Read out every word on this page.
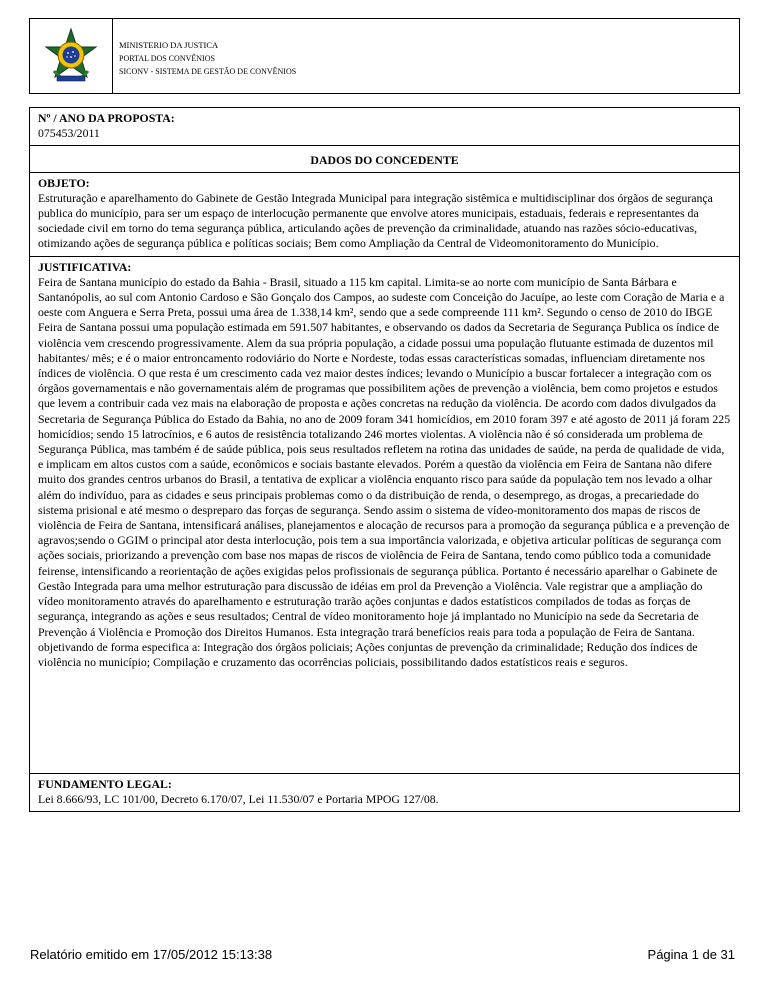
MINISTERIO DA JUSTICA
PORTAL DOS CONVÊNIOS
SICONV - SISTEMA DE GESTÃO DE CONVÊNIOS
Nº / ANO DA PROPOSTA:
075453/2011
DADOS DO CONCEDENTE
OBJETO:
Estruturação e aparelhamento do Gabinete de Gestão Integrada Municipal para integração sistêmica e multidisciplinar dos órgãos de segurança publica do município, para ser um espaço de interlocução permanente que envolve atores municipais, estaduais, federais e representantes da sociedade civil em torno do tema segurança pública, articulando ações de prevenção da criminalidade, atuando nas razões sócio-educativas, otimizando ações de segurança pública e políticas sociais; Bem como Ampliação da Central de Videomonitoramento do Município.
JUSTIFICATIVA:
Feira de Santana município do estado da Bahia - Brasil, situado a 115 km capital. Limita-se ao norte com município de Santa Bárbara e Santanópolis, ao sul com Antonio Cardoso e São Gonçalo dos Campos, ao sudeste com Conceição do Jacuípe, ao leste com Coração de Maria e a oeste com Anguera e Serra Preta, possui uma área de 1.338,14 km², sendo que a sede compreende 111 km². Segundo o censo de 2010 do IBGE Feira de Santana possui uma população estimada em 591.507 habitantes, e observando os dados da Secretaria de Segurança Publica os índice de violência vem crescendo progressivamente. Alem da sua própria população, a cidade possui uma população flutuante estimada de duzentos mil habitantes/ mês; e é o maior entroncamento rodoviário do Norte e Nordeste, todas essas características somadas, influenciam diretamente nos índices de violência. O que resta é um crescimento cada vez maior destes índices; levando o Município a buscar fortalecer a integração com os órgãos governamentais e não governamentais além de programas que possibilitem ações de prevenção a violência, bem como projetos e estudos que levem a contribuir cada vez mais na elaboração de proposta e ações concretas na redução da violência. De acordo com dados divulgados da Secretaria de Segurança Pública do Estado da Bahia, no ano de 2009 foram 341 homicídios, em 2010 foram 397 e até agosto de 2011 já foram 225 homicídios; sendo 15 latrocínios, e 6 autos de resistência totalizando 246 mortes violentas. A violência não é só considerada um problema de Segurança Pública, mas também é de saúde pública, pois seus resultados refletem na rotina das unidades de saúde, na perda de qualidade de vida, e implicam em altos custos com a saúde, econômicos e sociais bastante elevados. Porém a questão da violência em Feira de Santana não difere muito dos grandes centros urbanos do Brasil, a tentativa de explicar a violência enquanto risco para saúde da população tem nos levado a olhar além do indivíduo, para as cidades e seus principais problemas como o da distribuição de renda, o desemprego, as drogas, a precariedade do sistema prisional e até mesmo o despreparo das forças de segurança. Sendo assim o sistema de vídeo-monitoramento dos mapas de riscos de violência de Feira de Santana, intensificará análises, planejamentos e alocação de recursos para a promoção da segurança pública e a prevenção de agravos;sendo o GGIM o principal ator desta interlocução, pois tem a sua importância valorizada, e objetiva articular políticas de segurança com ações sociais, priorizando a prevenção com base nos mapas de riscos de violência de Feira de Santana, tendo como público toda a comunidade feirense, intensificando a reorientação de ações exigidas pelos profissionais de segurança pública. Portanto é necessário aparelhar o Gabinete de Gestão Integrada para uma melhor estruturação para discussão de idéias em prol da Prevenção a Violência. Vale registrar que a ampliação do vídeo monitoramento através do aparelhamento e estruturação trarão ações conjuntas e dados estatísticos compilados de todas as forças de segurança, integrando as ações e seus resultados; Central de vídeo monitoramento hoje já implantado no Município na sede da Secretaria de Prevenção á Violência e Promoção dos Direitos Humanos. Esta integração trará benefícios reais para toda a população de Feira de Santana. objetivando de forma especifica a: Integração dos órgãos policiais; Ações conjuntas de prevenção da criminalidade; Redução dos índices de violência no município; Compilação e cruzamento das ocorrências policiais, possibilitando dados estatísticos reais e seguros.
FUNDAMENTO LEGAL:
Lei 8.666/93, LC 101/00, Decreto 6.170/07, Lei 11.530/07 e Portaria MPOG 127/08.
Relatório emitido em 17/05/2012 15:13:38	Página 1 de 31
